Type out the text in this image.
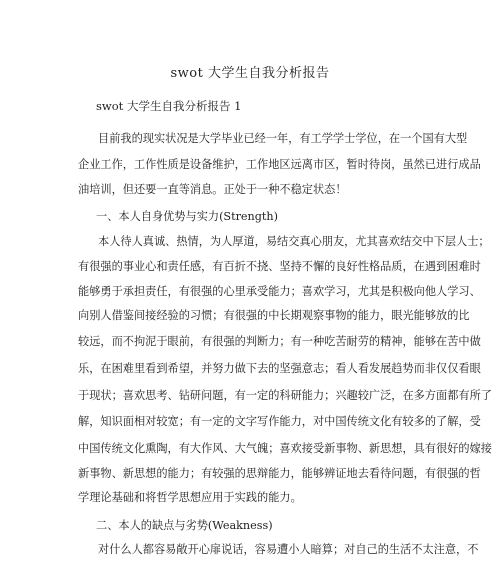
swot 大学生自我分析报告
swot 大学生自我分析报告 1
目前我的现实状况是大学毕业已经一年，有工学学士学位，在一个国有大型
企业工作，工作性质是设备维护，工作地区远离市区，暂时待岗，虽然已进行成品
油培训，但还要一直等消息。正处于一种不稳定状态！
一、本人自身优势与实力(Strength)
本人待人真诚、热情，为人厚道，易结交真心朋友，尤其喜欢结交中下层人士；
有很强的事业心和责任感，有百折不挠、坚持不懈的良好性格品质，在遇到困难时
能够勇于承担责任，有很强的心里承受能力；喜欢学习，尤其是积极向他人学习、
向别人借鉴间接经验的习惯；有很强的中长期观察事物的能力，眼光能够放的比
较远，而不拘泥于眼前，有很强的判断力；有一种吃苦耐劳的精神，能够在苦中做
乐，在困难里看到希望，并努力做下去的坚强意志；看人看发展趋势而非仅仅看眼
于现状；喜欢思考、钻研问题，有一定的科研能力；兴趣较广泛，在多方面都有所了
解，知识面相对较宽；有一定的文字写作能力，对中国传统文化有较多的了解，受
中国传统文化熏陶，有大作风、大气魄；喜欢接受新事物、新思想，具有很好的嫁接
新事物、新思想的能力；有较强的思辩能力，能够辨证地去看待问题，有很强的哲
学理论基础和将哲学思想应用于实践的能力。
二、本人的缺点与劣势(Weakness)
对什么人都容易敞开心扉说话，容易遭小人暗算；对自己的生活不太注意，不
